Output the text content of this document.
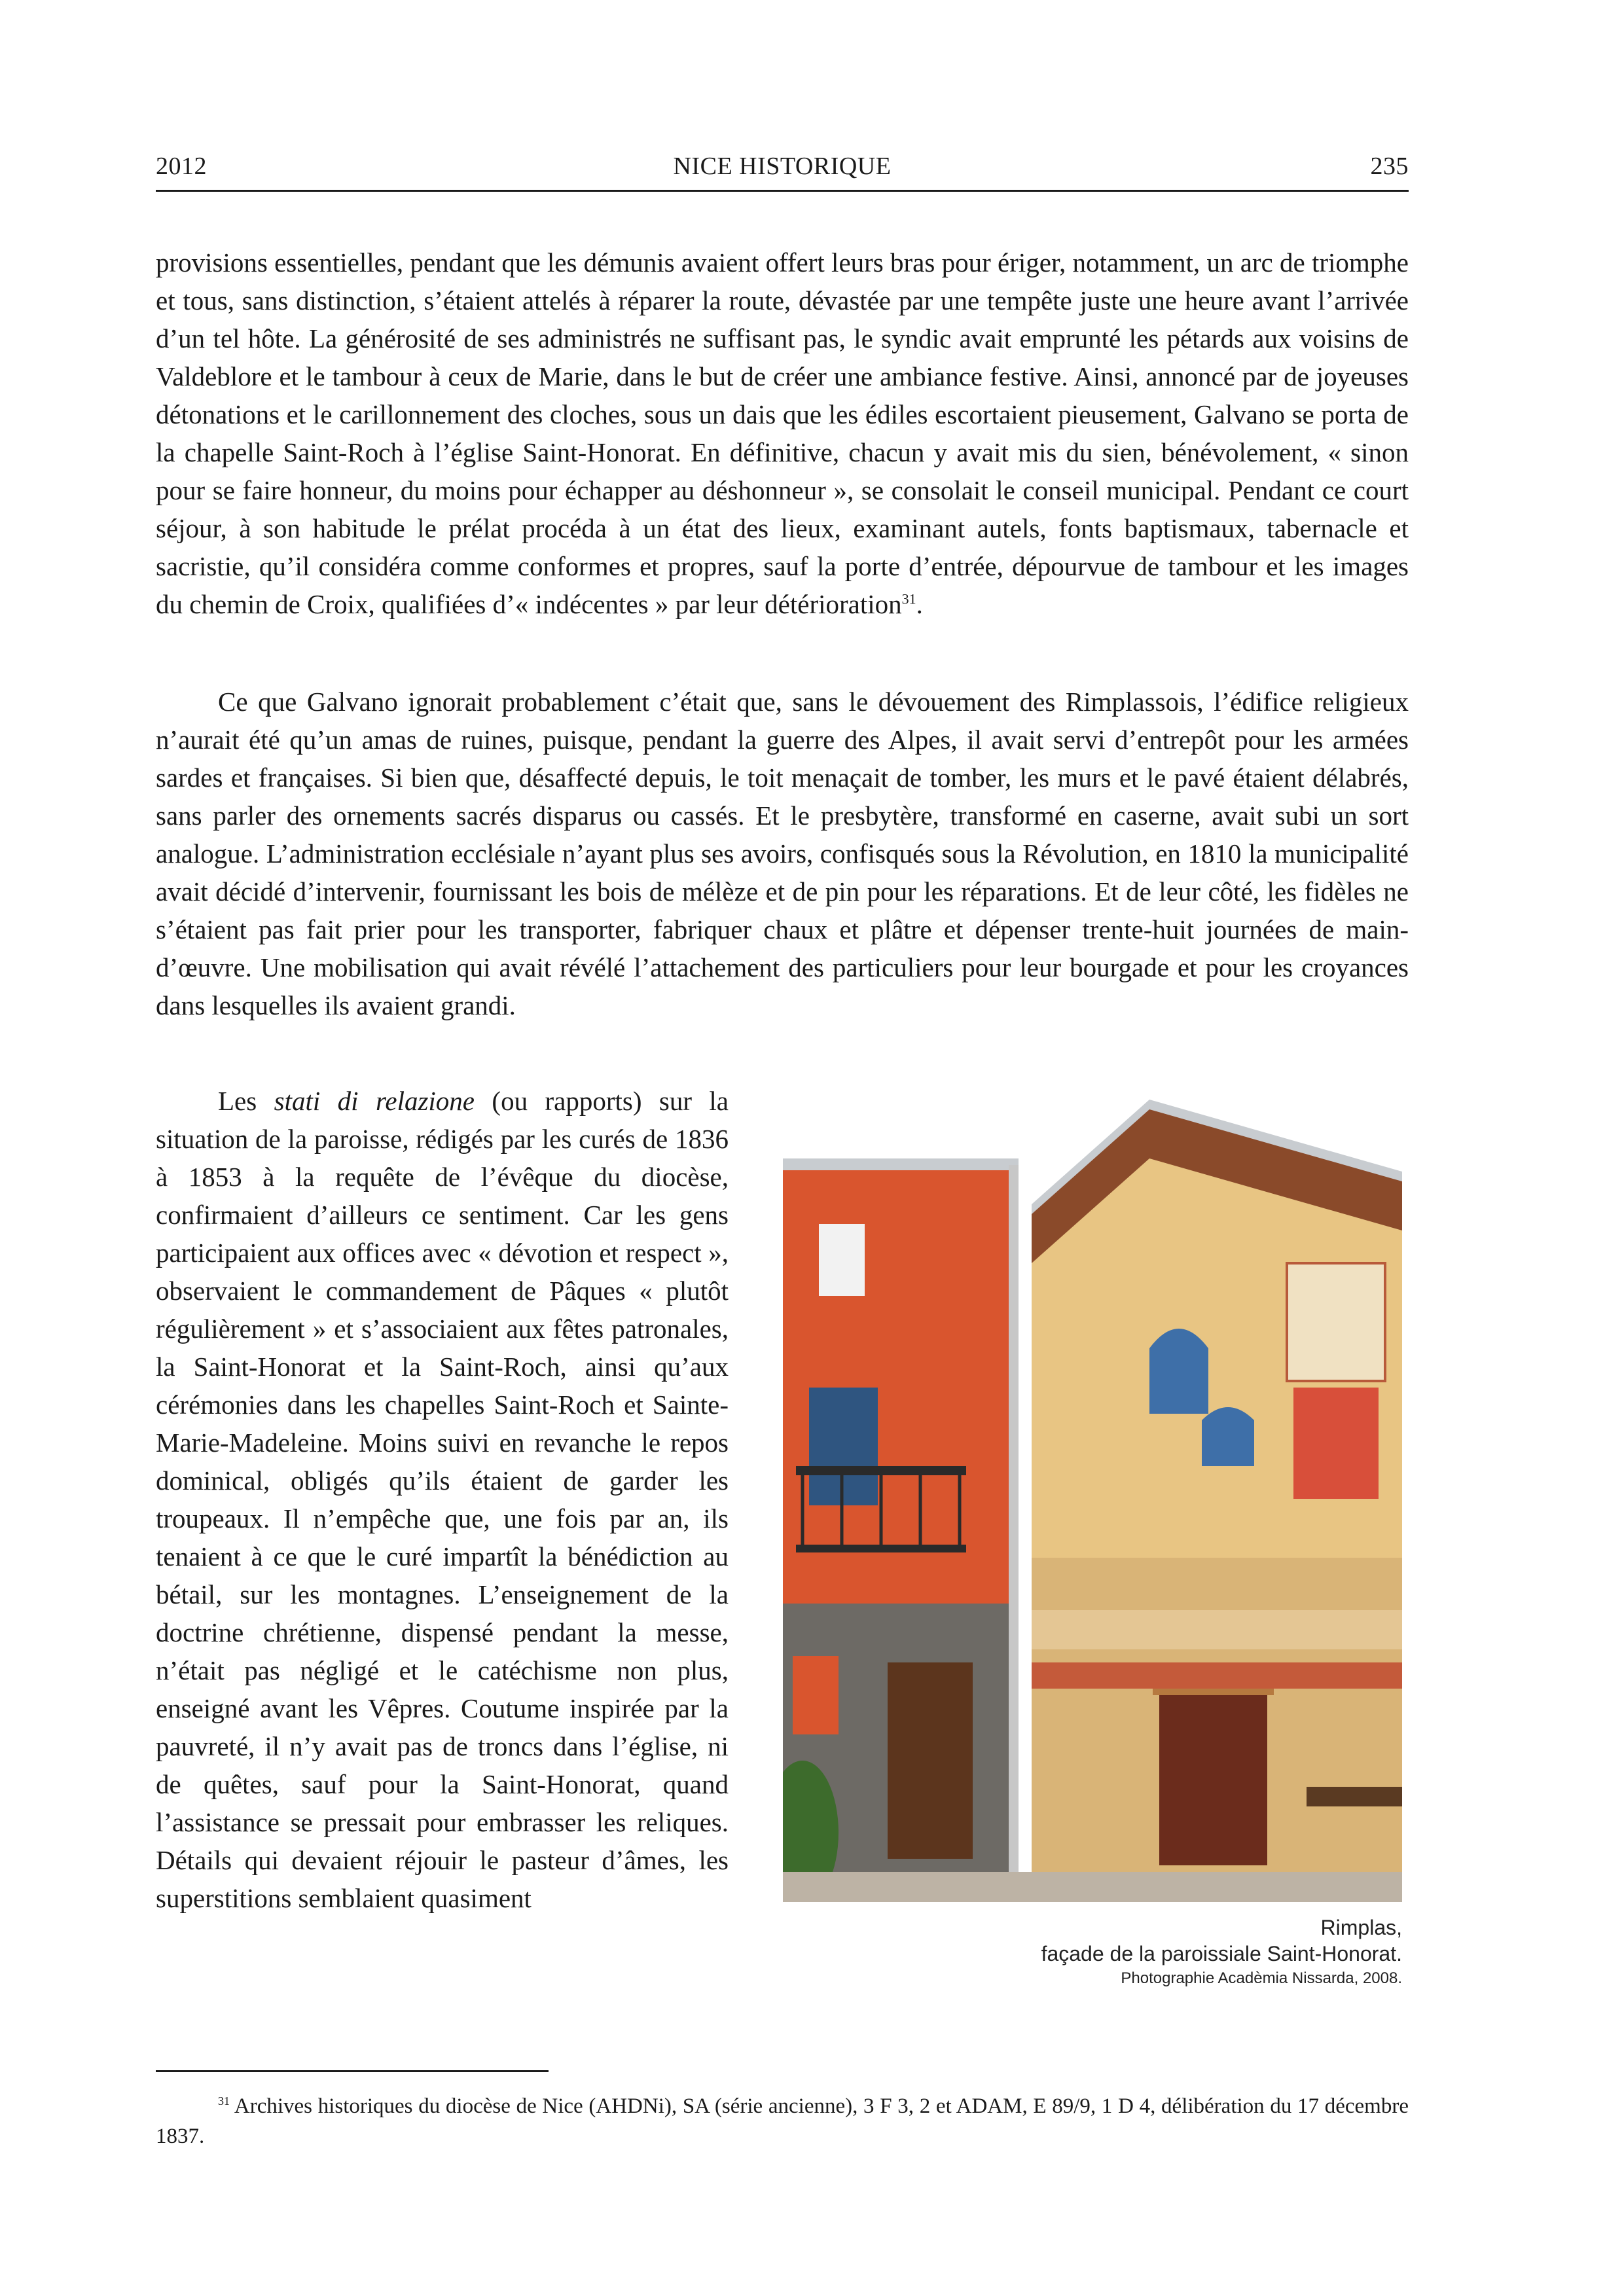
2012	NICE HISTORIQUE	235

provisions essentielles, pendant que les démunis avaient offert leurs bras pour ériger, notamment, un arc de triomphe et tous, sans distinction, s’étaient attelés à réparer la route, dévastée par une tempête juste une heure avant l’arrivée d’un tel hôte. La générosité de ses administrés ne suffisant pas, le syndic avait emprunté les pétards aux voisins de Valdeblore et le tambour à ceux de Marie, dans le but de créer une ambiance festive. Ainsi, annoncé par de joyeuses détonations et le carillonnement des cloches, sous un dais que les édiles escortaient pieusement, Galvano se porta de la chapelle Saint-Roch à l’église Saint-Honorat. En définitive, chacun y avait mis du sien, bénévolement, « sinon pour se faire honneur, du moins pour échapper au déshonneur », se consolait le conseil municipal. Pendant ce court séjour, à son habitude le prélat procéda à un état des lieux, examinant autels, fonts baptismaux, tabernacle et sacristie, qu’il considéra comme conformes et propres, sauf la porte d’entrée, dépourvue de tambour et les images du chemin de Croix, qualifiées d’« indécentes » par leur détérioration$^{31}$.

Ce que Galvano ignorait probablement c’était que, sans le dévouement des Rimplassois, l’édifice religieux n’aurait été qu’un amas de ruines, puisque, pendant la guerre des Alpes, il avait servi d’entrepôt pour les armées sardes et françaises. Si bien que, désaffecté depuis, le toit menaçait de tomber, les murs et le pavé étaient délabrés, sans parler des ornements sacrés disparus ou cassés. Et le presbytère, transformé en caserne, avait subi un sort analogue. L’administration ecclésiale n’ayant plus ses avoirs, confisqués sous la Révolution, en 1810 la municipalité avait décidé d’intervenir, fournissant les bois de mélèze et de pin pour les réparations. Et de leur côté, les fidèles ne s’étaient pas fait prier pour les transporter, fabriquer chaux et plâtre et dépenser trente-huit journées de main-d’œuvre. Une mobilisation qui avait révélé l’attachement des particuliers pour leur bourgade et pour les croyances dans lesquelles ils avaient grandi.

Les stati di relazione (ou rapports) sur la situation de la paroisse, rédigés par les curés de 1836 à 1853 à la requête de l’évêque du diocèse, confirmaient d’ailleurs ce sentiment. Car les gens participaient aux offices avec « dévotion et respect », observaient le commandement de Pâques « plutôt régulièrement » et s’associaient aux fêtes patronales, la Saint-Honorat et la Saint-Roch, ainsi qu’aux cérémonies dans les chapelles Saint-Roch et Sainte-Marie-Madeleine. Moins suivi en revanche le repos dominical, obligés qu’ils étaient de garder les troupeaux. Il n’empêche que, une fois par an, ils tenaient à ce que le curé impartît la bénédiction au bétail, sur les montagnes. L’enseignement de la doctrine chrétienne, dispensé pendant la messe, n’était pas négligé et le catéchisme non plus, enseigné avant les Vêpres. Coutume inspirée par la pauvreté, il n’y avait pas de troncs dans l’église, ni de quêtes, sauf pour la Saint-Honorat, quand l’assistance se pressait pour embrasser les reliques. Détails qui devaient réjouir le pasteur d’âmes, les superstitions semblaient quasiment

Rimplas,
façade de la paroissiale Saint-Honorat.
Photographie Acadèmia Nissarda, 2008.

$^{31}$ Archives historiques du diocèse de Nice (AHDNi), SA (série ancienne), 3 F 3, 2 et ADAM, E 89/9, 1 D 4, délibération du 17 décembre 1837.
